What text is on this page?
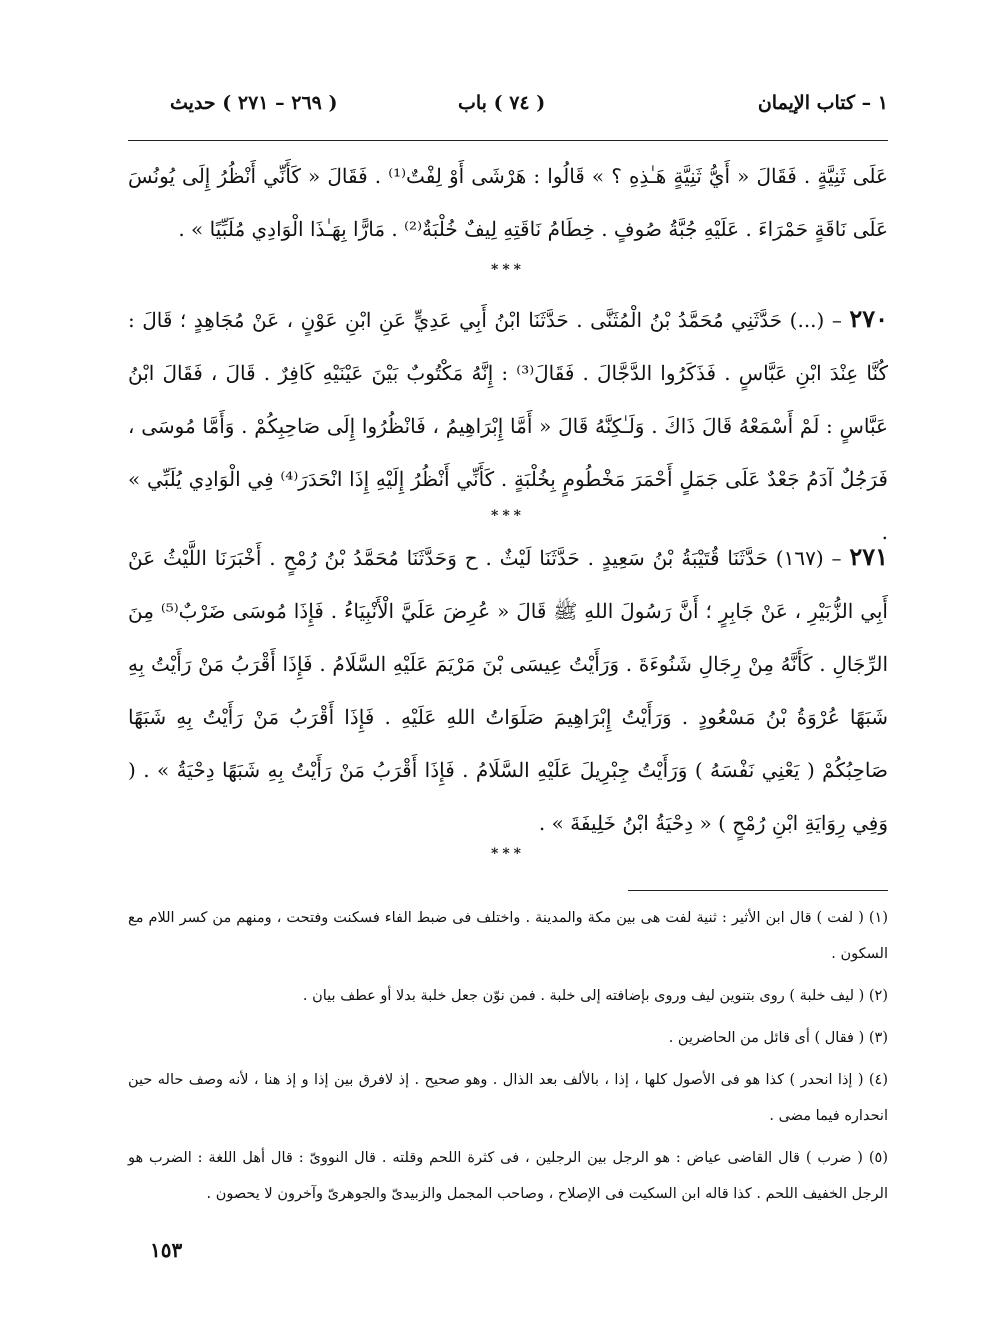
١ – كتاب الإيمان
( ٧٤ ) باب
( ٢٦٩ – ٢٧١ ) حديث

عَلَى ثَنِيَّةٍ . فَقَالَ « أَيُّ ثَنِيَّةٍ هَـٰذِهِ ؟ » قَالُوا : هَرْشَى أَوْ لِفْتٌ⁽¹⁾ . فَقَالَ « كَأَنِّي أَنْظُرُ إِلَى يُونُسَ عَلَى نَاقَةٍ حَمْرَاءَ . عَلَيْهِ جُبَّةُ صُوفٍ . خِطَامُ نَاقَتِهِ لِيفٌ خُلْبَةٌ⁽²⁾ . مَارًّا بِهَـٰذَا الْوَادِي مُلَبِّيًا » .

***

٢٧٠ – (...) حَدَّثَنِي مُحَمَّدُ بْنُ الْمُثَنَّى . حَدَّثَنَا ابْنُ أَبِي عَدِيٍّ عَنِ ابْنِ عَوْنٍ ، عَنْ مُجَاهِدٍ ؛ قَالَ : كُنَّا عِنْدَ ابْنِ عَبَّاسٍ . فَذَكَرُوا الدَّجَّالَ . فَقَالَ⁽³⁾ : إِنَّهُ مَكْتُوبٌ بَيْنَ عَيْنَيْهِ كَافِرٌ . قَالَ ، فَقَالَ ابْنُ عَبَّاسٍ : لَمْ أَسْمَعْهُ قَالَ ذَاكَ . وَلَـٰكِنَّهُ قَالَ « أَمَّا إِبْرَاهِيمُ ، فَانْظُرُوا إِلَى صَاحِبِكُمْ . وَأَمَّا مُوسَى ، فَرَجُلٌ آدَمُ جَعْدٌ عَلَى جَمَلٍ أَحْمَرَ مَخْطُومٍ بِخُلْبَةٍ . كَأَنِّي أَنْظُرُ إِلَيْهِ إِذَا انْحَدَرَ⁽⁴⁾ فِي الْوَادِي يُلَبِّي » .

***

٢٧١ – (١٦٧) حَدَّثَنَا قُتَيْبَةُ بْنُ سَعِيدٍ . حَدَّثَنَا لَيْثٌ . ح وَحَدَّثَنَا مُحَمَّدُ بْنُ رُمْحٍ . أَخْبَرَنَا اللَّيْثُ عَنْ أَبِي الزُّبَيْرِ ، عَنْ جَابِرٍ ؛ أَنَّ رَسُولَ اللهِ ﷺ قَالَ « عُرِضَ عَلَيَّ الْأَنْبِيَاءُ . فَإِذَا مُوسَى ضَرْبٌ⁽⁵⁾ مِنَ الرِّجَالِ . كَأَنَّهُ مِنْ رِجَالِ شَنُوءَةَ . وَرَأَيْتُ عِيسَى بْنَ مَرْيَمَ عَلَيْهِ السَّلَامُ . فَإِذَا أَقْرَبُ مَنْ رَأَيْتُ بِهِ شَبَهًا عُرْوَةُ بْنُ مَسْعُودٍ . وَرَأَيْتُ إِبْرَاهِيمَ صَلَوَاتُ اللهِ عَلَيْهِ . فَإِذَا أَقْرَبُ مَنْ رَأَيْتُ بِهِ شَبَهًا صَاحِبُكُمْ ( يَعْنِي نَفْسَهُ ) وَرَأَيْتُ جِبْرِيلَ عَلَيْهِ السَّلَامُ . فَإِذَا أَقْرَبُ مَنْ رَأَيْتُ بِهِ شَبَهًا دِحْيَةُ » . ( وَفِي رِوَايَةِ ابْنِ رُمْحٍ ) « دِحْيَةُ ابْنُ خَلِيفَةَ » .

***

(١) ( لفت ) قال ابن الأثير : ثنية لفت هى بين مكة والمدينة . واختلف فى ضبط الفاء فسكنت وفتحت ، ومنهم من كسر اللام مع السكون .

(٢) ( ليف خلبة ) روى بتنوين ليف وروى بإضافته إلى خلبة . فمن نوّن جعل خلبة بدلا أو عطف بيان .

(٣) ( فقال ) أى قائل من الحاضرين .

(٤) ( إذا انحدر ) كذا هو فى الأصول كلها ، إذا ، بالألف بعد الذال . وهو صحيح . إذ لافرق بين إذا و إذ هنا ، لأنه وصف حاله حين انحداره فيما مضى .

(٥) ( ضرب ) قال القاضى عياض : هو الرجل بين الرجلين ، فى كثرة اللحم وقلته . قال النووىّ : قال أهل اللغة : الضرب هو الرجل الخفيف اللحم . كذا قاله ابن السكيت فى الإصلاح ، وصاحب المجمل والزبيدىّ والجوهرىّ وآخرون لا يحصون .

١٥٣
